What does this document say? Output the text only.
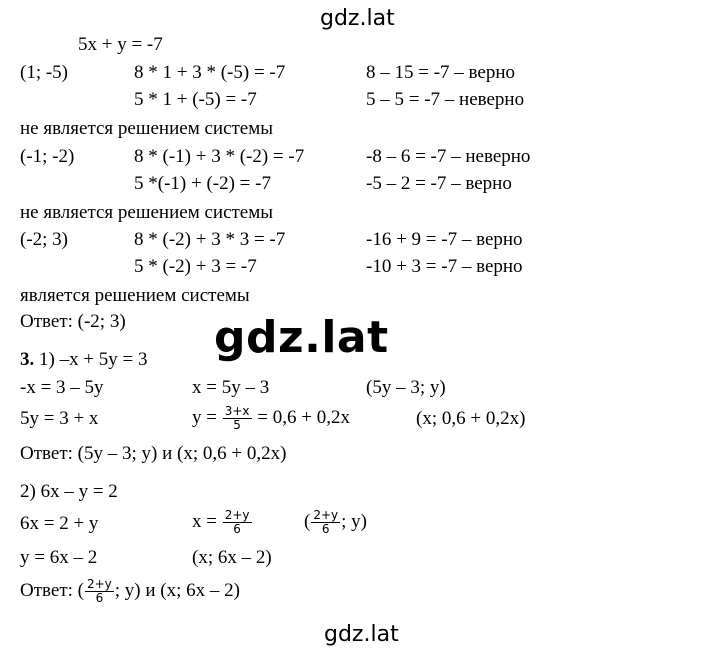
gdz.lat
gdz.lat
gdz.lat
5x + y = -7
(1; -5)	8 * 1 + 3 * (-5) = -7	8 – 15 = -7 – верно
5 * 1 + (-5) = -7	5 – 5 = -7 – неверно
не является решением системы
(-1; -2)	8 * (-1) + 3 * (-2) = -7	-8 – 6 = -7 – неверно
5 *(-1) + (-2) = -7	-5 – 2 = -7 – верно
не является решением системы
(-2; 3)	8 * (-2) + 3 * 3 = -7	-16 + 9 = -7 – верно
5 * (-2) + 3 = -7	-10 + 3 = -7 – верно
является решением системы
Ответ: (-2; 3)
3. 1) –x + 5y = 3
-x = 3 – 5y	x = 5y – 3	(5y – 3; y)
5y = 3 + x	$y = \frac{3+x}{5} = 0,6 + 0,2x$	(x; 0,6 + 0,2x)
Ответ: (5y – 3; y) и (x; 0,6 + 0,2x)
2) 6x – y = 2
6x = 2 + y	$x = \frac{2+y}{6}$	( $\frac{2+y}{6}$ ; y)
y = 6x – 2	(x; 6x – 2)
Ответ: ( $\frac{2+y}{6}$ ; y) и (x; 6x – 2)
